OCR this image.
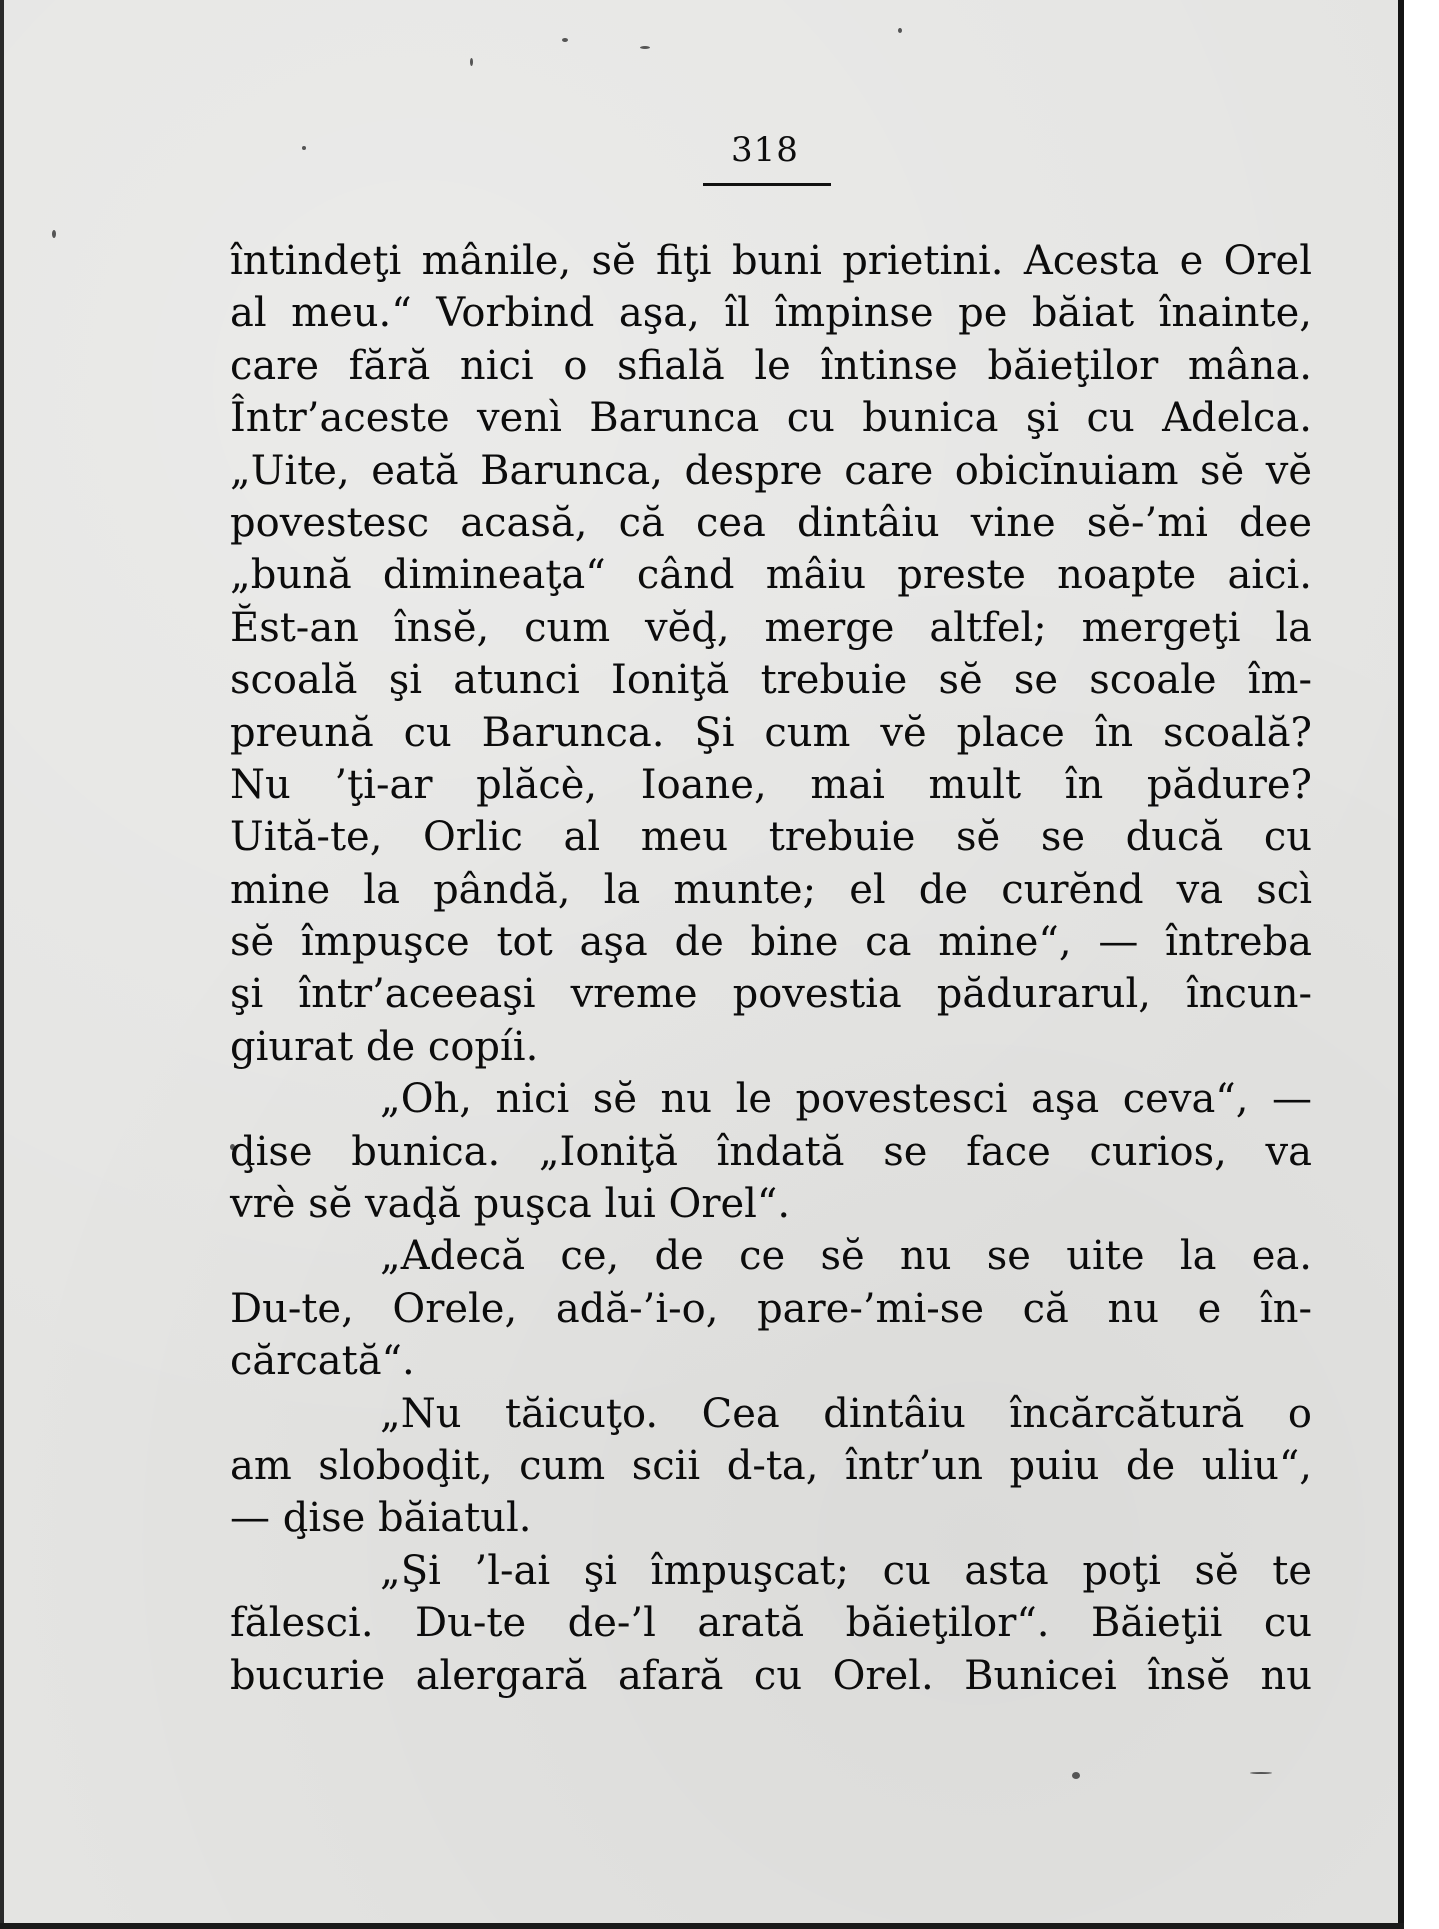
318
întindeţi mânile, sĕ fiţi buni prietini. Acesta e Orel
al meu.“ Vorbind aşa, îl împinse pe băiat înainte,
care fără nici o sfială le întinse băieţilor mâna.
Într’aceste venì Barunca cu bunica şi cu Adelca.
„Uite, eată Barunca, despre care obicĭnuiam sĕ vĕ
povestesc acasă, că cea dintâiu vine sĕ-’mi dee
„bună dimineaţa“ când mâiu preste noapte aici.
Ĕst-an însĕ, cum vĕḑ, merge altfel; mergeţi la
scoală şi atunci Ioniţă trebuie sĕ se scoale îm-
preună cu Barunca. Şi cum vĕ place în scoală?
Nu ’ţi-ar plăcè, Ioane, mai mult în pădure?
Uită-te, Orlic al meu trebuie sĕ se ducă cu
mine la pândă, la munte; el de curĕnd va scì
sĕ împuşce tot aşa de bine ca mine“, — întreba
şi într’aceeaşi vreme povestia pădurarul, încun-
giurat de copíi.
„Oh, nici sĕ nu le povestesci aşa ceva“, —
ḑise bunica. „Ioniţă îndată se face curios, va
vrè sĕ vaḑă puşca lui Orel“.
„Adecă ce, de ce sĕ nu se uite la ea.
Du-te, Orele, adă-’i-o, pare-’mi-se că nu e în-
cărcată“.
„Nu tăicuţo. Cea dintâiu încărcătură o
am sloboḑit, cum scii d-ta, într’un puiu de uliu“,
— ḑise băiatul.
„Şi ’l-ai şi împuşcat; cu asta poţi sĕ te
fălesci. Du-te de-’l arată băieţilor“. Băieţii cu
bucurie alergară afară cu Orel. Bunicei însĕ nu
